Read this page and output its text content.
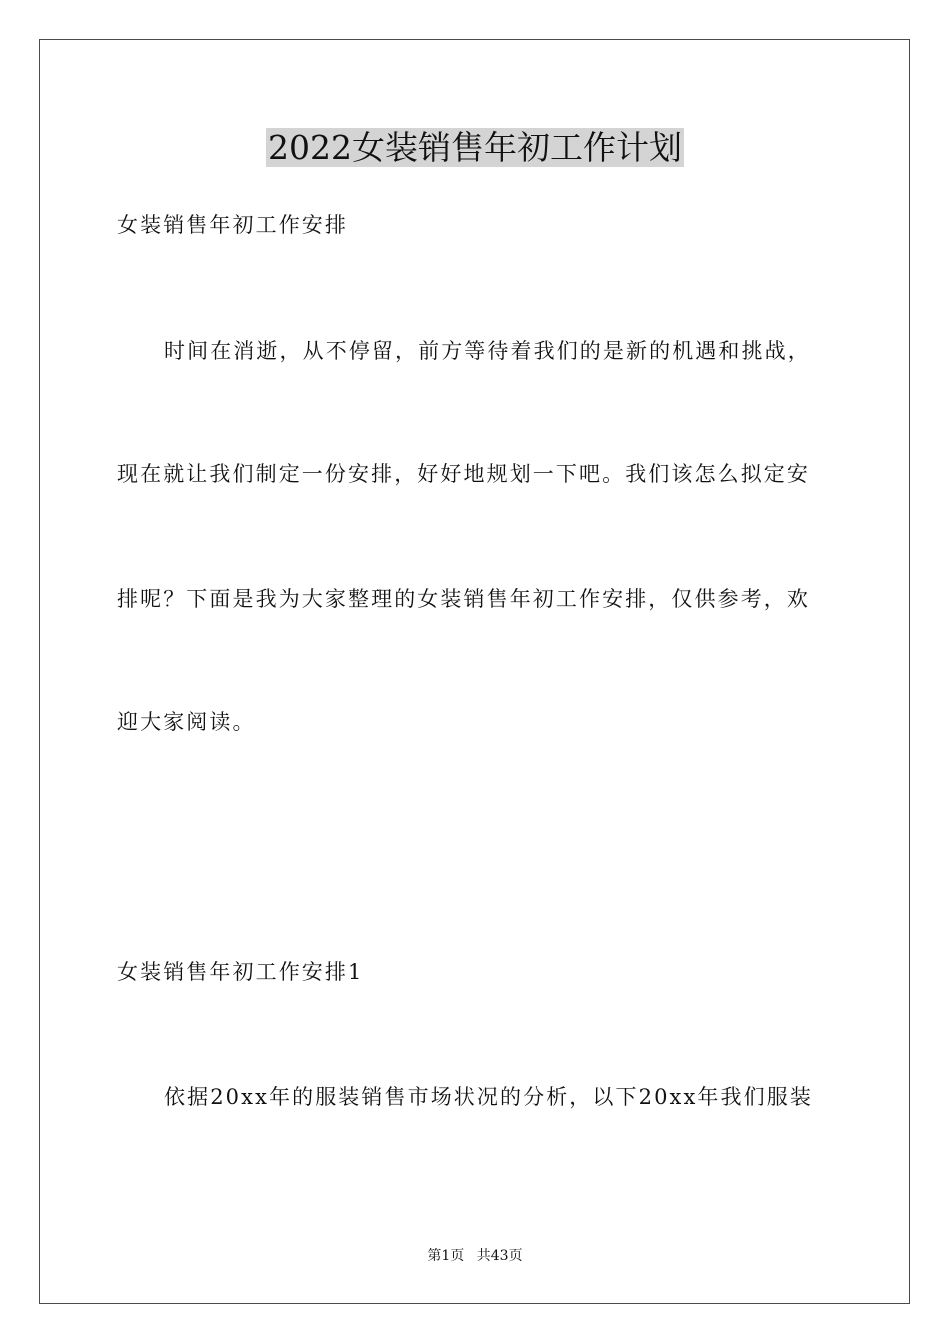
2022女装销售年初工作计划

女装销售年初工作安排

时间在消逝，从不停留，前方等待着我们的是新的机遇和挑战，

现在就让我们制定一份安排，好好地规划一下吧。我们该怎么拟定安

排呢？下面是我为大家整理的女装销售年初工作安排，仅供参考，欢

迎大家阅读。

女装销售年初工作安排1

依据20xx年的服装销售市场状况的分析，以下20xx年我们服装

第1页 共43页
